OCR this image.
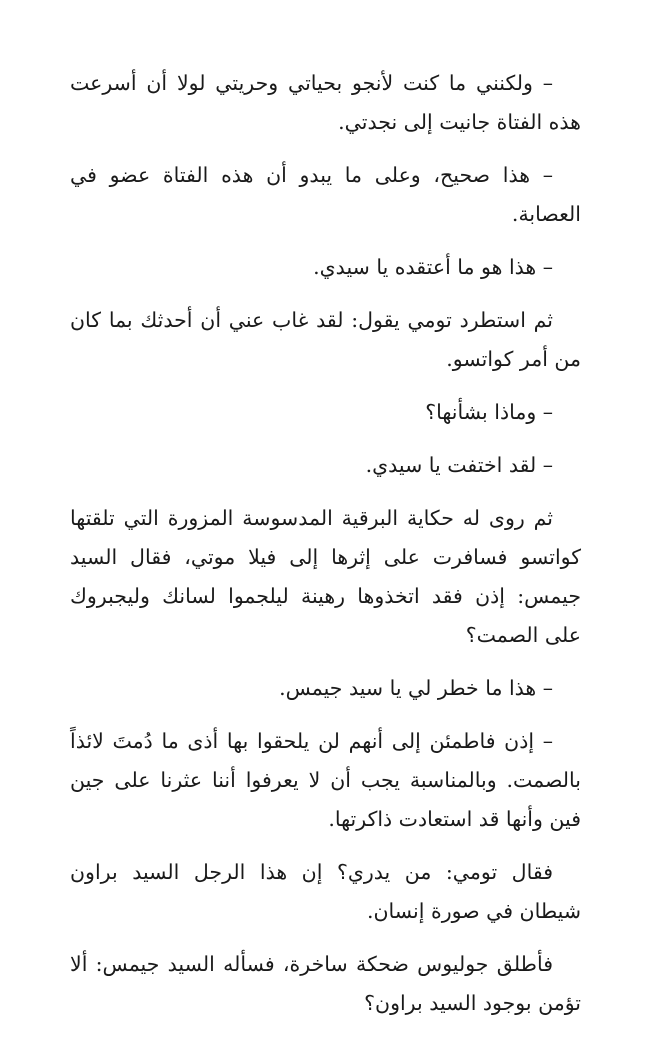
– ولكنني ما كنت لأنجو بحياتي وحريتي لولا أن أسرعت هذه الفتاة جانيت إلى نجدتي.

– هذا صحيح، وعلى ما يبدو أن هذه الفتاة عضو في العصابة.

– هذا هو ما أعتقده يا سيدي.

ثم استطرد تومي يقول: لقد غاب عني أن أحدثك بما كان من أمر كواتسو.

– وماذا بشأنها؟

– لقد اختفت يا سيدي.

ثم روى له حكاية البرقية المدسوسة المزورة التي تلقتها كواتسو فسافرت على إثرها إلى فيلا موتي، فقال السيد جيمس: إذن فقد اتخذوها رهينة ليلجموا لسانك وليجبروك على الصمت؟

– هذا ما خطر لي يا سيد جيمس.

– إذن فاطمئن إلى أنهم لن يلحقوا بها أذى ما دُمتَ لائذاً بالصمت. وبالمناسبة يجب أن لا يعرفوا أننا عثرنا على جين فين وأنها قد استعادت ذاكرتها.

فقال تومي: من يدري؟ إن هذا الرجل السيد براون شيطان في صورة إنسان.

فأطلق جوليوس ضحكة ساخرة، فسأله السيد جيمس: ألا تؤمن بوجود السيد براون؟
